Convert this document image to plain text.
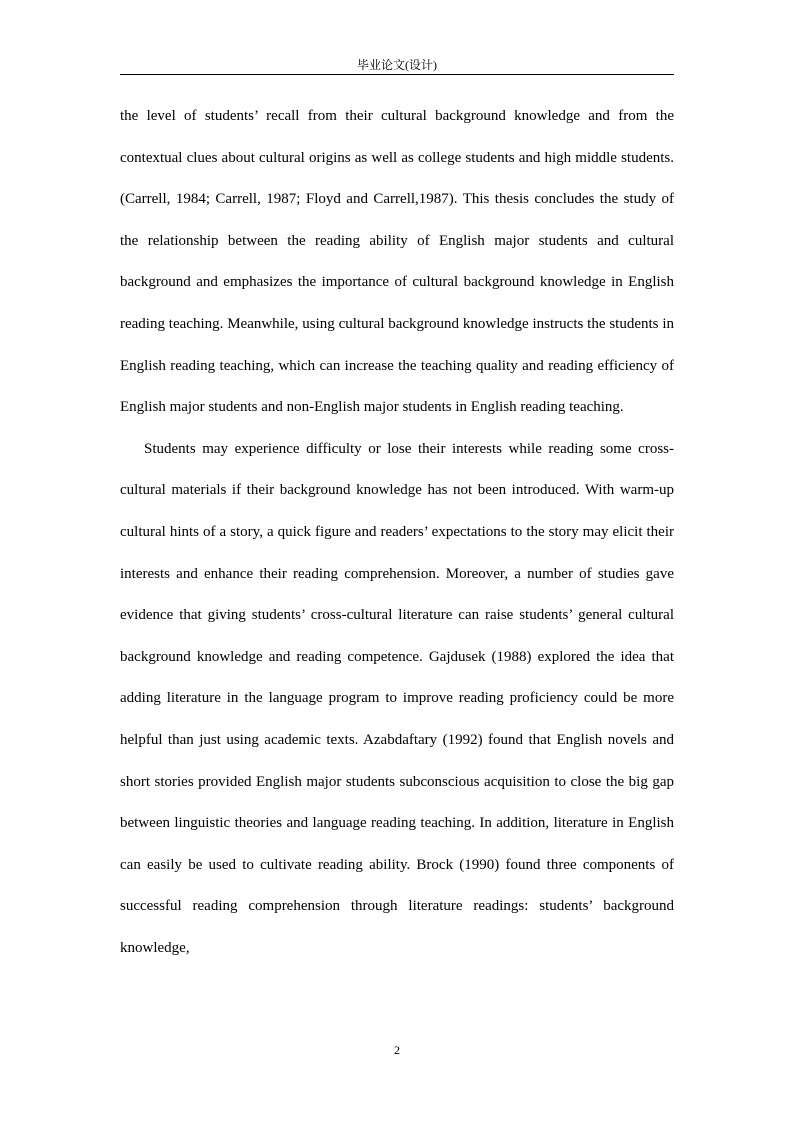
毕业论文(设计)

the level of students’ recall from their cultural background knowledge and from the contextual clues about cultural origins as well as college students and high middle students. (Carrell, 1984; Carrell, 1987; Floyd and Carrell,1987). This thesis concludes the study of the relationship between the reading ability of English major students and cultural background and emphasizes the importance of cultural background knowledge in English reading teaching. Meanwhile, using cultural background knowledge instructs the students in English reading teaching, which can increase the teaching quality and reading efficiency of English major students and non-English major students in English reading teaching.

Students may experience difficulty or lose their interests while reading some cross-cultural materials if their background knowledge has not been introduced. With warm-up cultural hints of a story, a quick figure and readers’ expectations to the story may elicit their interests and enhance their reading comprehension. Moreover, a number of studies gave evidence that giving students’ cross-cultural literature can raise students’ general cultural background knowledge and reading competence. Gajdusek (1988) explored the idea that adding literature in the language program to improve reading proficiency could be more helpful than just using academic texts. Azabdaftary (1992) found that English novels and short stories provided English major students subconscious acquisition to close the big gap between linguistic theories and language reading teaching. In addition, literature in English can easily be used to cultivate reading ability. Brock (1990) found three components of successful reading comprehension through literature readings: students’ background knowledge,

2
